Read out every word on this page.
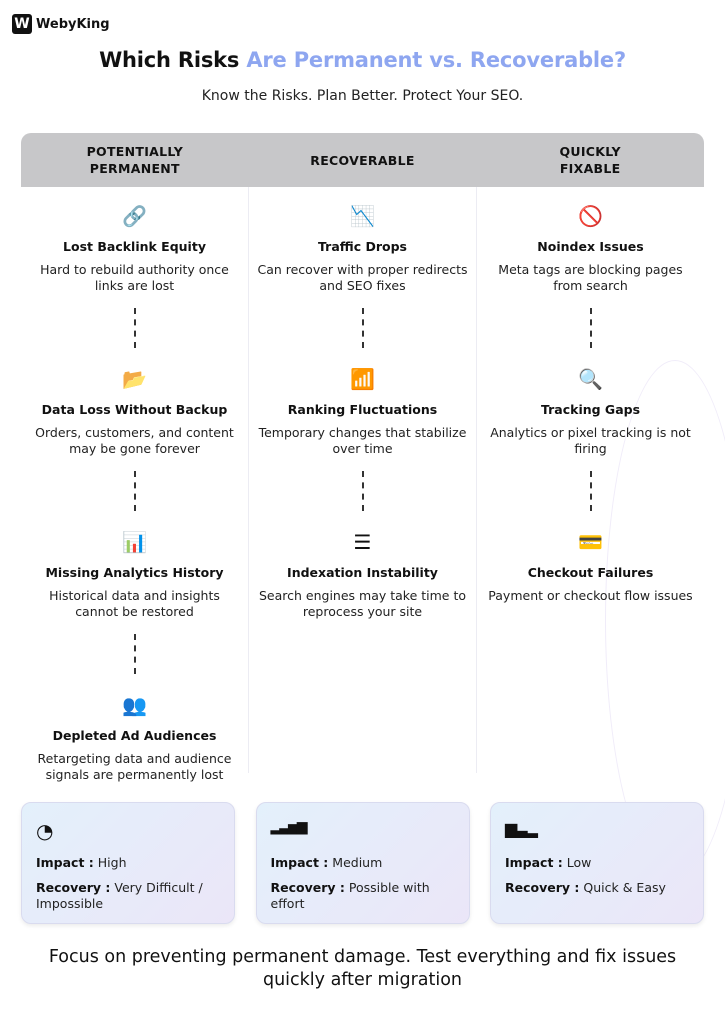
W WebyKing
Which Risks Are Permanent vs. Recoverable?
Know the Risks. Plan Better. Protect Your SEO.
POTENTIALLY PERMANENT
RECOVERABLE
QUICKLY FIXABLE
🔗
Lost Backlink Equity
Hard to rebuild authority once links are lost
📂
Data Loss Without Backup
Orders, customers, and content may be gone forever
📊
Missing Analytics History
Historical data and insights cannot be restored
👥
Depleted Ad Audiences
Retargeting data and audience signals are permanently lost
📉
Traffic Drops
Can recover with proper redirects and SEO fixes
📶
Ranking Fluctuations
Temporary changes that stabilize over time
☰
Indexation Instability
Search engines may take time to reprocess your site
🚫
Noindex Issues
Meta tags are blocking pages from search
🔍
Tracking Gaps
Analytics or pixel tracking is not firing
💳
Checkout Failures
Payment or checkout flow issues
◔
Impact : High
Recovery : Very Difficult / Impossible
▂▃▅▆
Impact : Medium
Recovery : Possible with effort
▆▃▂
Impact : Low
Recovery : Quick & Easy
Focus on preventing permanent damage. Test everything and fix issues quickly after migration
